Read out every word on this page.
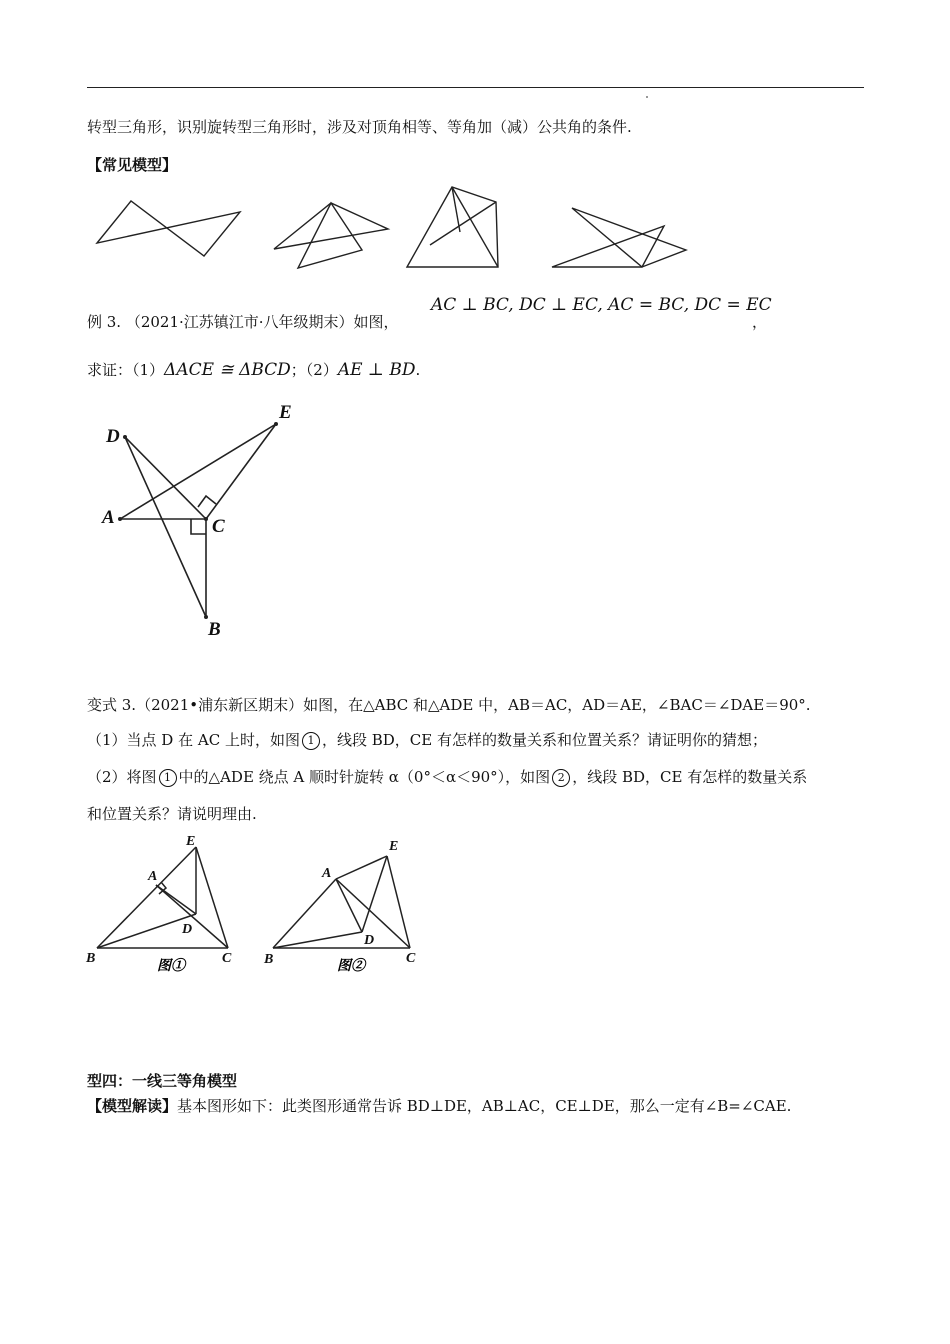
转型三角形，识别旋转型三角形时，涉及对顶角相等、等角加（减）公共角的条件.
【常见模型】
例 3. （2021·江苏镇江市·八年级期末）如图，
AC ⊥ BC, DC ⊥ EC, AC = BC, DC = EC
，
求证：（1）ΔACE ≅ ΔBCD；（2）AE ⊥ BD.
D
E
A	C
B
变式 3.（2021•浦东新区期末）如图，在△ABC 和△ADE 中，AB＝AC，AD＝AE，∠BAC＝∠DAE＝90°.
（1）当点 D 在 AC 上时，如图 1 ，线段 BD，CE 有怎样的数量关系和位置关系？请证明你的猜想；
（2）将图 1 中的△ADE 绕点 A 顺时针旋转 α（0°＜α＜90°），如图 2 ，线段 BD，CE 有怎样的数量关系
和位置关系？请说明理由.
E
A
D
B	C
图①
E
A
D
B	C
图②
型四：一线三等角模型
【模型解读】基本图形如下：此类图形通常告诉 BD⊥DE，AB⊥AC，CE⊥DE，那么一定有∠B=∠CAE.
